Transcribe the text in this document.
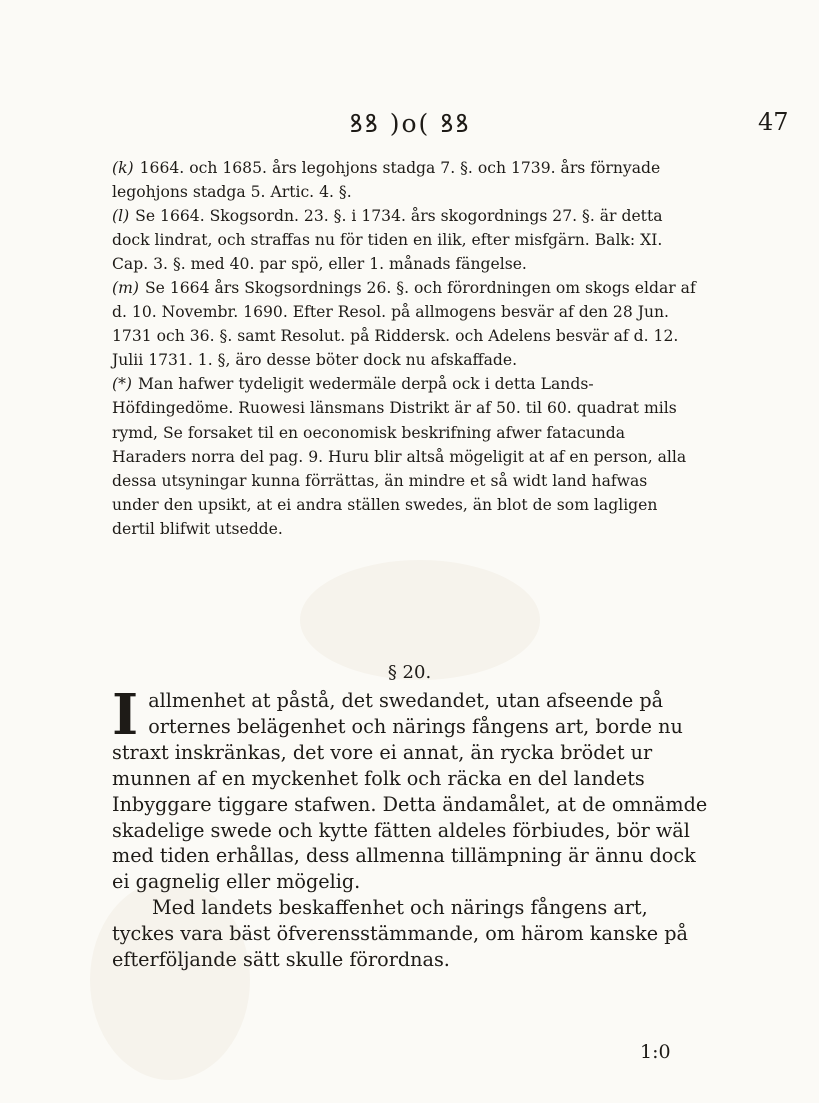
ꝸꝸ )o( ꝸꝸ	47

(k) 1664. och 1685. års legohjons stadga 7. §. och 1739. års förnyade legohjons stadga 5. Artic. 4. §.

(l) Se 1664. Skogsordn. 23. §. i 1734. års skogordnings 27. §. är detta dock lindrat, och straffas nu för tiden en ilik, efter misfgärn. Balk: XI. Cap. 3. §. med 40. par spö, eller 1. månads fängelse.

(m) Se 1664 års Skogsordnings 26. §. och förordningen om skogs eldar af d. 10. Novembr. 1690. Efter Resol. på allmogens besvär af den 28 Jun. 1731 och 36. §. samt Resolut. på Riddersk. och Adelens besvär af d. 12. Julii 1731. 1. §, äro desse böter dock nu afskaffade.

(*) Man hafwer tydeligit wedermäle derpå ock i detta Lands-Höfdingedöme. Ruowesi länsmans Distrikt är af 50. til 60. quadrat mils rymd, Se forsaket til en oeconomisk beskrifning afwer fatacunda Haraders norra del pag. 9. Huru blir altså mögeligit at af en person, alla dessa utsyningar kunna förrättas, än mindre et så widt land hafwas under den upsikt, at ei andra ställen swedes, än blot de som lagligen dertil blifwit utsedde.

§ 20.

Iallmenhet at påstå, det swedandet, utan afseende på orternes belägenhet och närings fångens art, borde nu straxt inskränkas, det vore ei annat, än rycka brödet ur munnen af en myckenhet folk och räcka en del landets Inbyggare tiggare stafwen. Detta ändamålet, at de omnämde skadelige swede och kytte fätten aldeles förbiudes, bör wäl med tiden erhållas, dess allmenna tillämpning är ännu dock ei gagnelig eller mögelig.

Med landets beskaffenhet och närings fångens art, tyckes vara bäst öfverensstämmande, om härom kanske på efterföljande sätt skulle förordnas.

1:0
